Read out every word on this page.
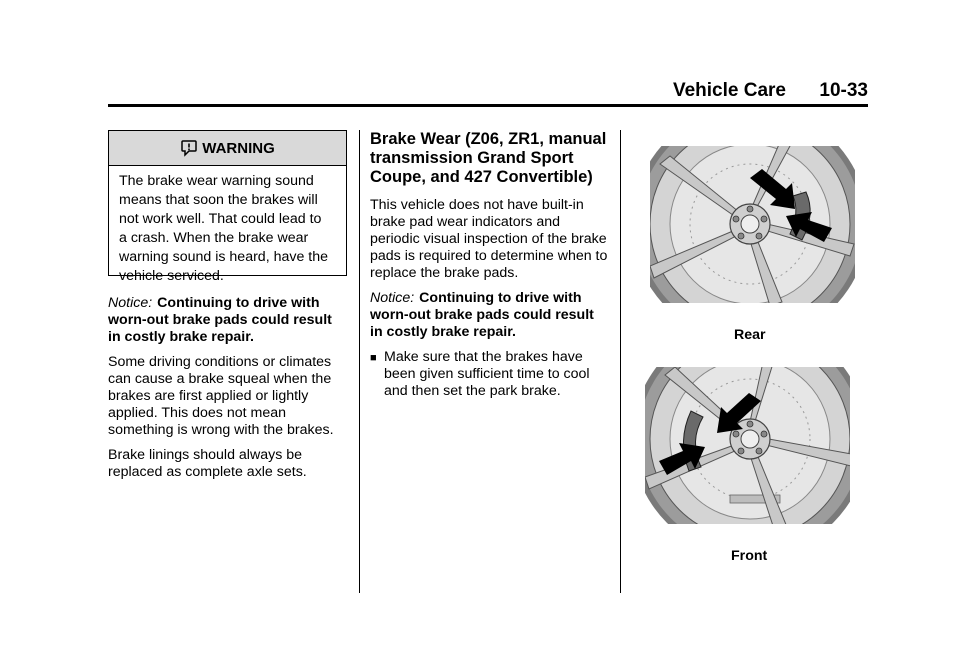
Vehicle Care 10-33
WARNING
The brake wear warning sound
means that soon the brakes will
not work well. That could lead to
a crash. When the brake wear
warning sound is heard, have the
vehicle serviced.

Notice: Continuing to drive with worn-out brake pads could result in costly brake repair.

Some driving conditions or climates can cause a brake squeal when the brakes are first applied or lightly applied. This does not mean something is wrong with the brakes.

Brake linings should always be replaced as complete axle sets.

Brake Wear (Z06, ZR1, manual transmission Grand Sport Coupe, and 427 Convertible)

This vehicle does not have built-in brake pad wear indicators and periodic visual inspection of the brake pads is required to determine when to replace the brake pads.

Notice: Continuing to drive with worn-out brake pads could result in costly brake repair.

■ Make sure that the brakes have been given sufficient time to cool and then set the park brake.
Rear
Front
